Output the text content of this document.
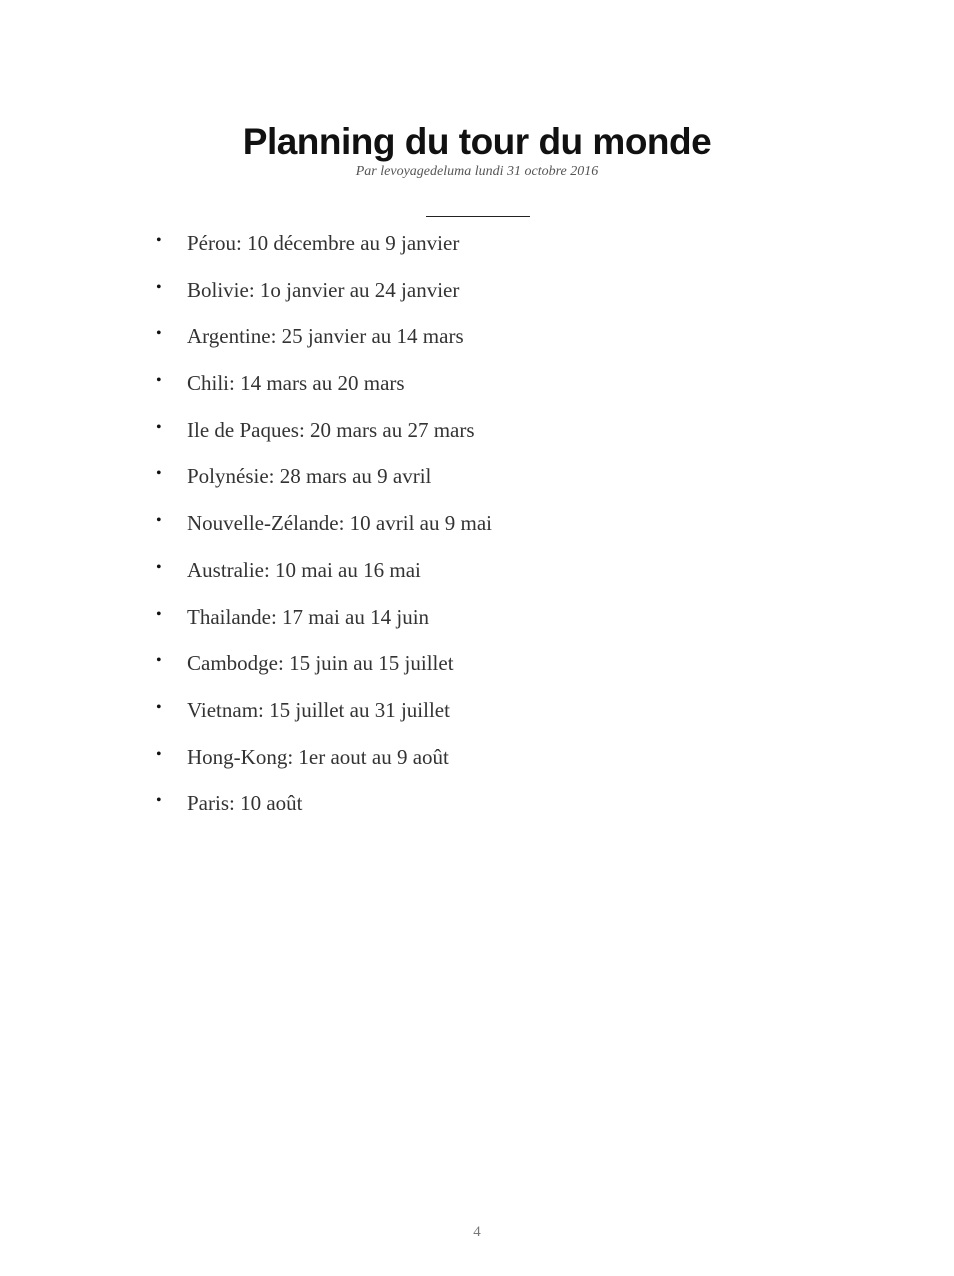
Planning du tour du monde
Par levoyagedeluma lundi 31 octobre 2016
• Pérou: 10 décembre au 9 janvier
• Bolivie: 1o janvier au 24 janvier
• Argentine: 25 janvier au 14 mars
• Chili: 14 mars au 20 mars
• Ile de Paques: 20 mars au 27 mars
• Polynésie: 28 mars au 9 avril
• Nouvelle-Zélande: 10 avril au 9 mai
• Australie: 10 mai au 16 mai
• Thailande: 17 mai au 14 juin
• Cambodge: 15 juin au 15 juillet
• Vietnam: 15 juillet au 31 juillet
• Hong-Kong: 1er aout au 9 août
• Paris: 10 août
4
